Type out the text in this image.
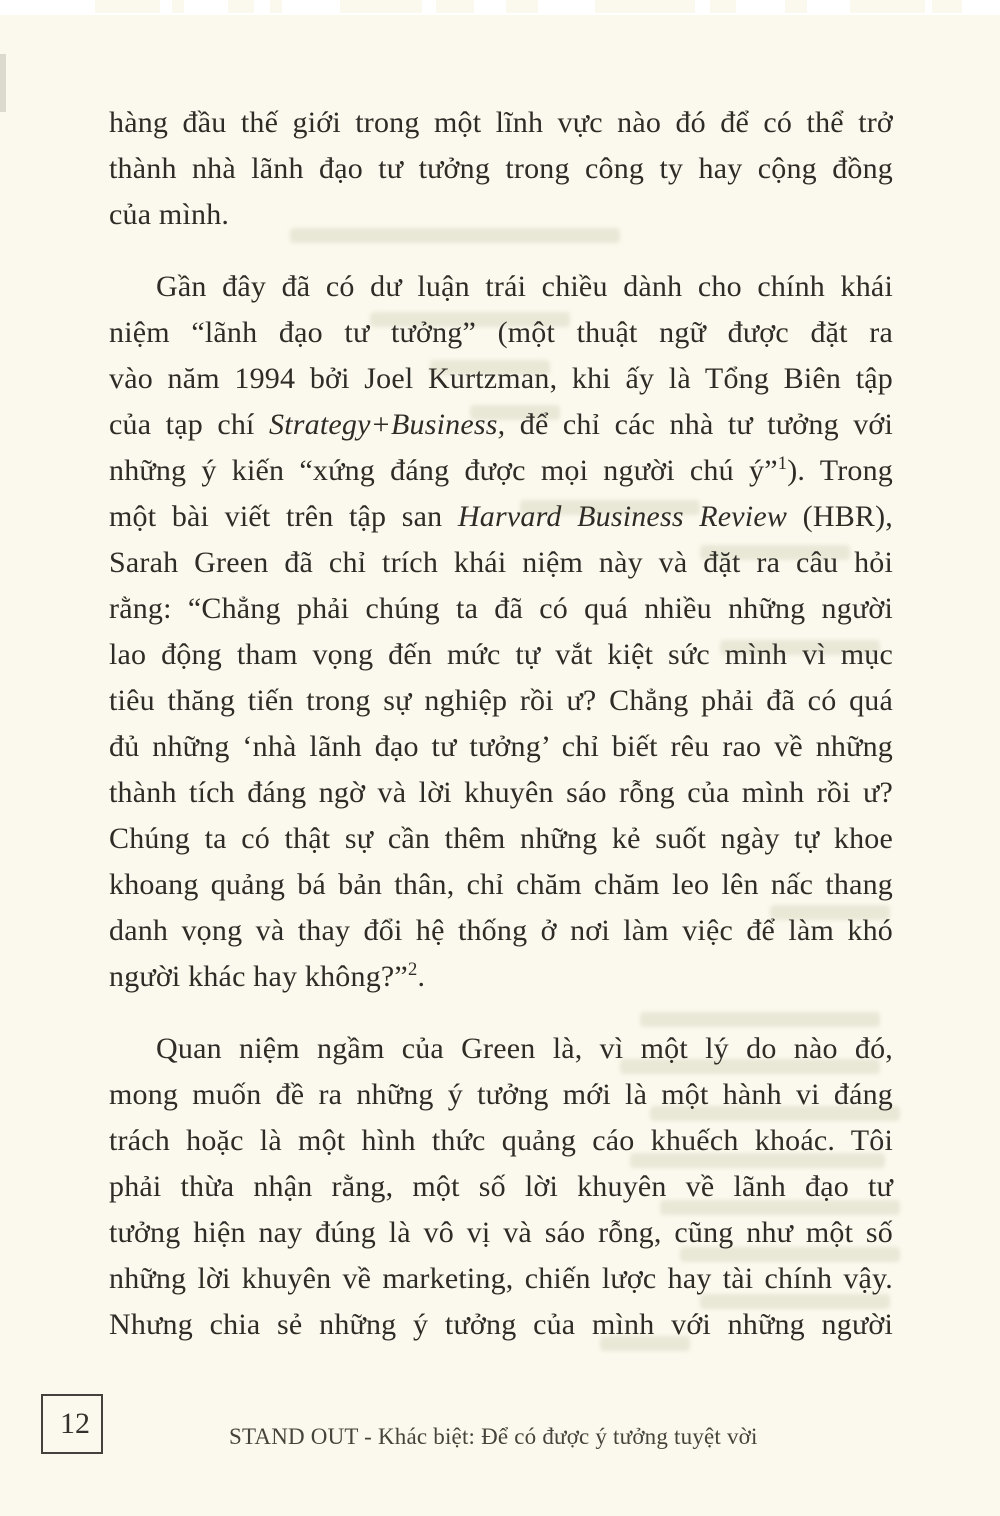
hàng đầu thế giới trong một lĩnh vực nào đó để có thể trở
thành nhà lãnh đạo tư tưởng trong công ty hay cộng đồng
của mình.
Gần đây đã có dư luận trái chiều dành cho chính khái
niệm “lãnh đạo tư tưởng” (một thuật ngữ được đặt ra
vào năm 1994 bởi Joel Kurtzman, khi ấy là Tổng Biên tập
của tạp chí Strategy+Business, để chỉ các nhà tư tưởng với
những ý kiến “xứng đáng được mọi người chú ý”$^1$). Trong
một bài viết trên tập san Harvard Business Review (HBR),
Sarah Green đã chỉ trích khái niệm này và đặt ra câu hỏi
rằng: “Chẳng phải chúng ta đã có quá nhiều những người
lao động tham vọng đến mức tự vắt kiệt sức mình vì mục
tiêu thăng tiến trong sự nghiệp rồi ư? Chẳng phải đã có quá
đủ những ‘nhà lãnh đạo tư tưởng’ chỉ biết rêu rao về những
thành tích đáng ngờ và lời khuyên sáo rỗng của mình rồi ư?
Chúng ta có thật sự cần thêm những kẻ suốt ngày tự khoe
khoang quảng bá bản thân, chỉ chăm chăm leo lên nấc thang
danh vọng và thay đổi hệ thống ở nơi làm việc để làm khó
người khác hay không?”$^2$.
Quan niệm ngầm của Green là, vì một lý do nào đó,
mong muốn đề ra những ý tưởng mới là một hành vi đáng
trách hoặc là một hình thức quảng cáo khuếch khoác. Tôi
phải thừa nhận rằng, một số lời khuyên về lãnh đạo tư
tưởng hiện nay đúng là vô vị và sáo rỗng, cũng như một số
những lời khuyên về marketing, chiến lược hay tài chính vậy.
Nhưng chia sẻ những ý tưởng của mình với những người
12	STAND OUT - Khác biệt: Để có được ý tưởng tuyệt vời
